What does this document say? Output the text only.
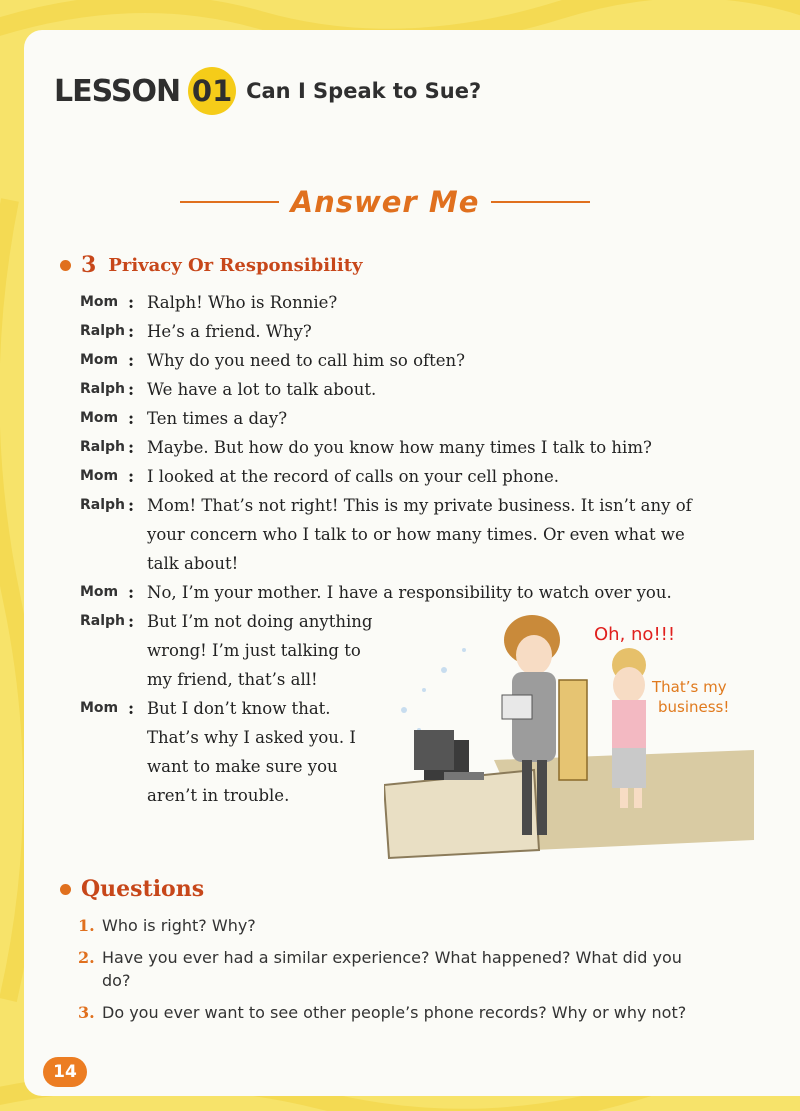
LESSON 01 Can I Speak to Sue?
Answer Me
3 Privacy Or Responsibility
Mom : Ralph! Who is Ronnie?
Ralph : He’s a friend. Why?
Mom : Why do you need to call him so often?
Ralph : We have a lot to talk about.
Mom : Ten times a day?
Ralph : Maybe. But how do you know how many times I talk to him?
Mom : I looked at the record of calls on your cell phone.
Ralph : Mom! That’s not right! This is my private business. It isn’t any of your concern who I talk to or how many times. Or even what we talk about!
Mom : No, I’m your mother. I have a responsibility to watch over you.
Ralph : But I’m not doing anything wrong! I’m just talking to my friend, that’s all!
Mom : But I don’t know that. That’s why I asked you. I want to make sure you aren’t in trouble.
Oh, no!!!
That’s my
business!
Questions
1. Who is right? Why?
2. Have you ever had a similar experience? What happened? What did you do?
3. Do you ever want to see other people’s phone records? Why or why not?
14
